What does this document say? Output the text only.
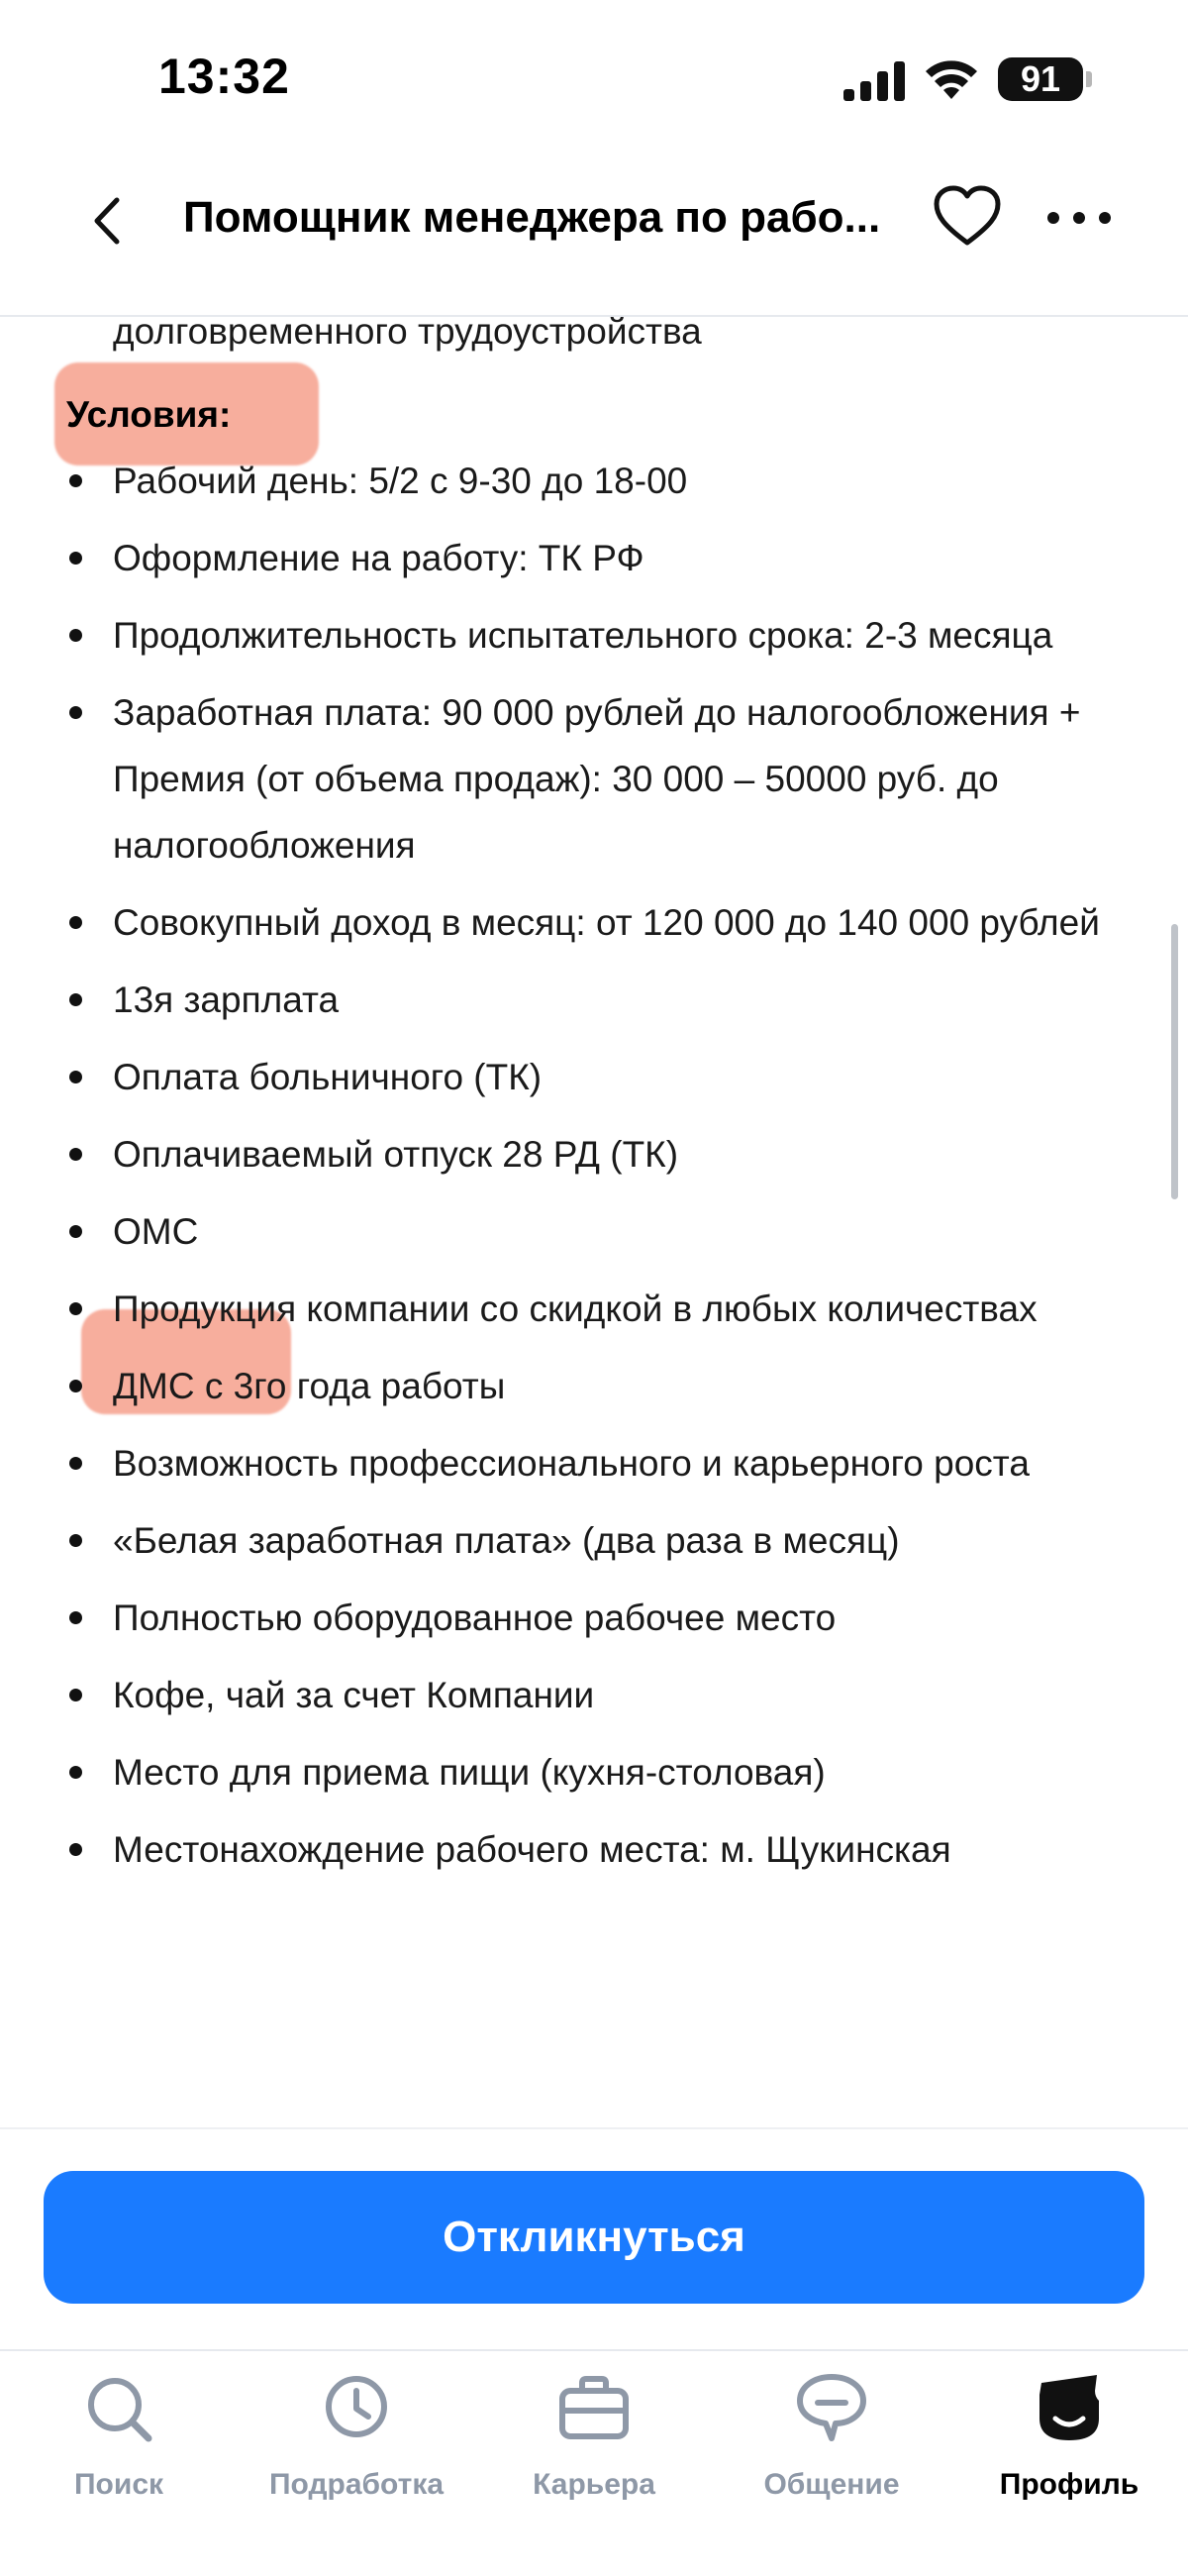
13:32	91
Помощник менеджера по рабо...
долговременного трудоустройства
Условия:
Рабочий день: 5/2 с 9-30 до 18-00
Оформление на работу: ТК РФ
Продолжительность испытательного срока: 2-3 месяца
Заработная плата: 90 000 рублей до налогообложения + Премия (от объема продаж): 30 000 – 50000 руб. до налогообложения
Совокупный доход в месяц: от 120 000 до 140 000 рублей
13я зарплата
Оплата больничного (ТК)
Оплачиваемый отпуск 28 РД (ТК)
ОМС
Продукция компании со скидкой в любых количествах
ДМС с 3го года работы
Возможность профессионального и карьерного роста
«Белая заработная плата» (два раза в месяц)
Полностью оборудованное рабочее место
Кофе, чай за счет Компании
Место для приема пищи (кухня-столовая)
Местонахождение рабочего места: м. Щукинская
Откликнуться
Поиск	Подработка	Карьера	Общение	Профиль
